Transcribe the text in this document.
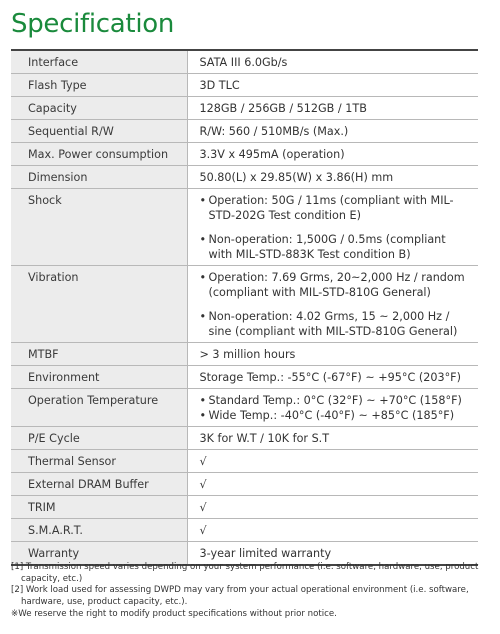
Specification
Interface	SATA III 6.0Gb/s
Flash Type	3D TLC
Capacity	128GB / 256GB / 512GB / 1TB
Sequential R/W	R/W: 560 / 510MB/s (Max.)
Max. Power consumption	3.3V x 495mA (operation)
Dimension	50.80(L) x 29.85(W) x 3.86(H) mm
Shock	• Operation: 50G / 11ms (compliant with MIL-STD-202G Test condition E)
• Non-operation: 1,500G / 0.5ms (compliant with MIL-STD-883K Test condition B)

Vibration	• Operation: 7.69 Grms, 20~2,000 Hz / random (compliant with MIL-STD-810G General)
• Non-operation: 4.02 Grms, 15 ~ 2,000 Hz / sine (compliant with MIL-STD-810G General)

MTBF	> 3 million hours
Environment	Storage Temp.: -55°C (-67°F) ~ +95°C (203°F)
Operation Temperature	• Standard Temp.: 0°C (32°F) ~ +70°C (158°F)
• Wide Temp.: -40°C (-40°F) ~ +85°C (185°F)

P/E Cycle	3K for W.T / 10K for S.T
Thermal Sensor	√
External DRAM Buffer	√
TRIM	√
S.M.A.R.T.	√
Warranty	3-year limited warranty
[1] Transmission speed varies depending on your system performance (i.e. software, hardware, use, product capacity, etc.)
[2] Work load used for assessing DWPD may vary from your actual operational environment (i.e. software, hardware, use, product capacity, etc.).
※We reserve the right to modify product specifications without prior notice.
